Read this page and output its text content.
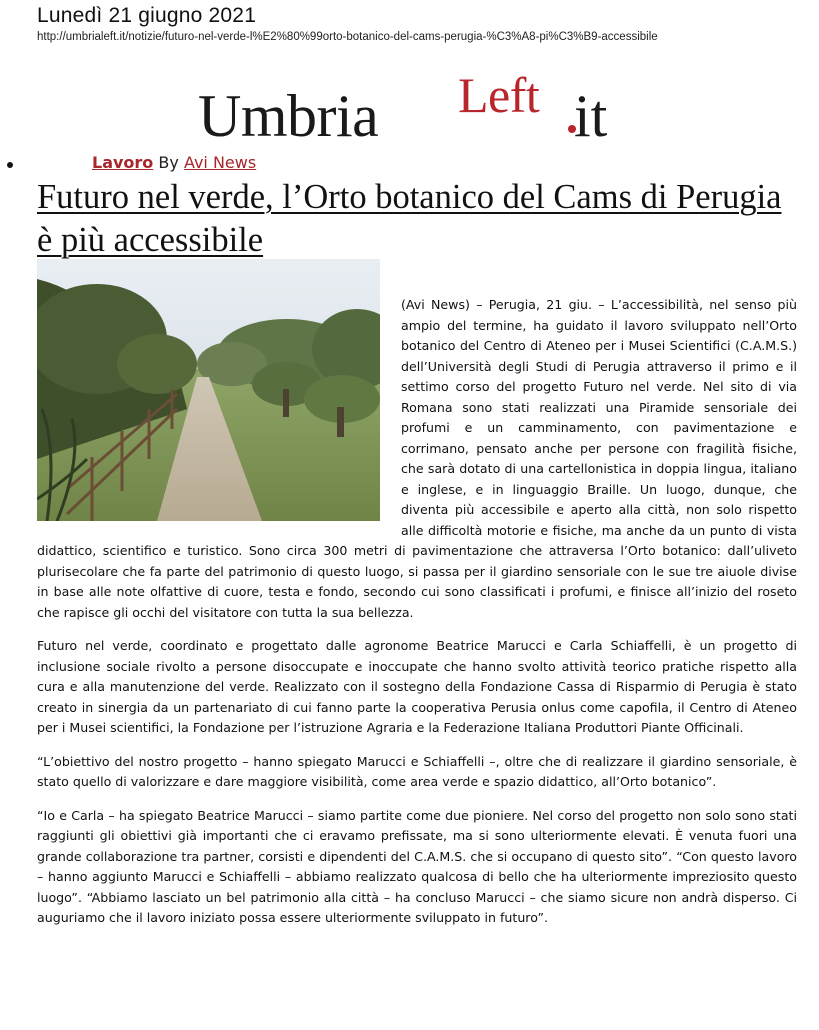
Lunedì 21 giugno 2021
http://umbrialeft.it/notizie/futuro-nel-verde-l%E2%80%99orto-botanico-del-cams-perugia-%C3%A8-pi%C3%B9-accessibile
Umbria Left it
Lavoro By Avi News
Futuro nel verde, l’Orto botanico del Cams di Perugia è più accessibile

(Avi News) – Perugia, 21 giu. – L’accessibilità, nel senso più ampio del termine, ha guidato il lavoro sviluppato nell’Orto botanico del Centro di Ateneo per i Musei Scientifici (C.A.M.S.) dell’Università degli Studi di Perugia attraverso il primo e il settimo corso del progetto Futuro nel verde. Nel sito di via Romana sono stati realizzati una Piramide sensoriale dei profumi e un camminamento, con pavimentazione e corrimano, pensato anche per persone con fragilità fisiche, che sarà dotato di una cartellonistica in doppia lingua, italiano e inglese, e in linguaggio Braille. Un luogo, dunque, che diventa più accessibile e aperto alla città, non solo rispetto alle difficoltà motorie e fisiche, ma anche da un punto di vista didattico, scientifico e turistico. Sono circa 300 metri di pavimentazione che attraversa l’Orto botanico: dall’uliveto plurisecolare che fa parte del patrimonio di questo luogo, si passa per il giardino sensoriale con le sue tre aiuole divise in base alle note olfattive di cuore, testa e fondo, secondo cui sono classificati i profumi, e finisce all’inizio del roseto che rapisce gli occhi del visitatore con tutta la sua bellezza.

Futuro nel verde, coordinato e progettato dalle agronome Beatrice Marucci e Carla Schiaffelli, è un progetto di inclusione sociale rivolto a persone disoccupate e inoccupate che hanno svolto attività teorico pratiche rispetto alla cura e alla manutenzione del verde. Realizzato con il sostegno della Fondazione Cassa di Risparmio di Perugia è stato creato in sinergia da un partenariato di cui fanno parte la cooperativa Perusia onlus come capofila, il Centro di Ateneo per i Musei scientifici, la Fondazione per l’istruzione Agraria e la Federazione Italiana Produttori Piante Officinali.

“L’obiettivo del nostro progetto – hanno spiegato Marucci e Schiaffelli –, oltre che di realizzare il giardino sensoriale, è stato quello di valorizzare e dare maggiore visibilità, come area verde e spazio didattico, all’Orto botanico”.

“Io e Carla – ha spiegato Beatrice Marucci – siamo partite come due pioniere. Nel corso del progetto non solo sono stati raggiunti gli obiettivi già importanti che ci eravamo prefissate, ma si sono ulteriormente elevati. È venuta fuori una grande collaborazione tra partner, corsisti e dipendenti del C.A.M.S. che si occupano di questo sito”. “Con questo lavoro – hanno aggiunto Marucci e Schiaffelli – abbiamo realizzato qualcosa di bello che ha ulteriormente impreziosito questo luogo”. “Abbiamo lasciato un bel patrimonio alla città – ha concluso Marucci – che siamo sicure non andrà disperso. Ci auguriamo che il lavoro iniziato possa essere ulteriormente sviluppato in futuro”.
